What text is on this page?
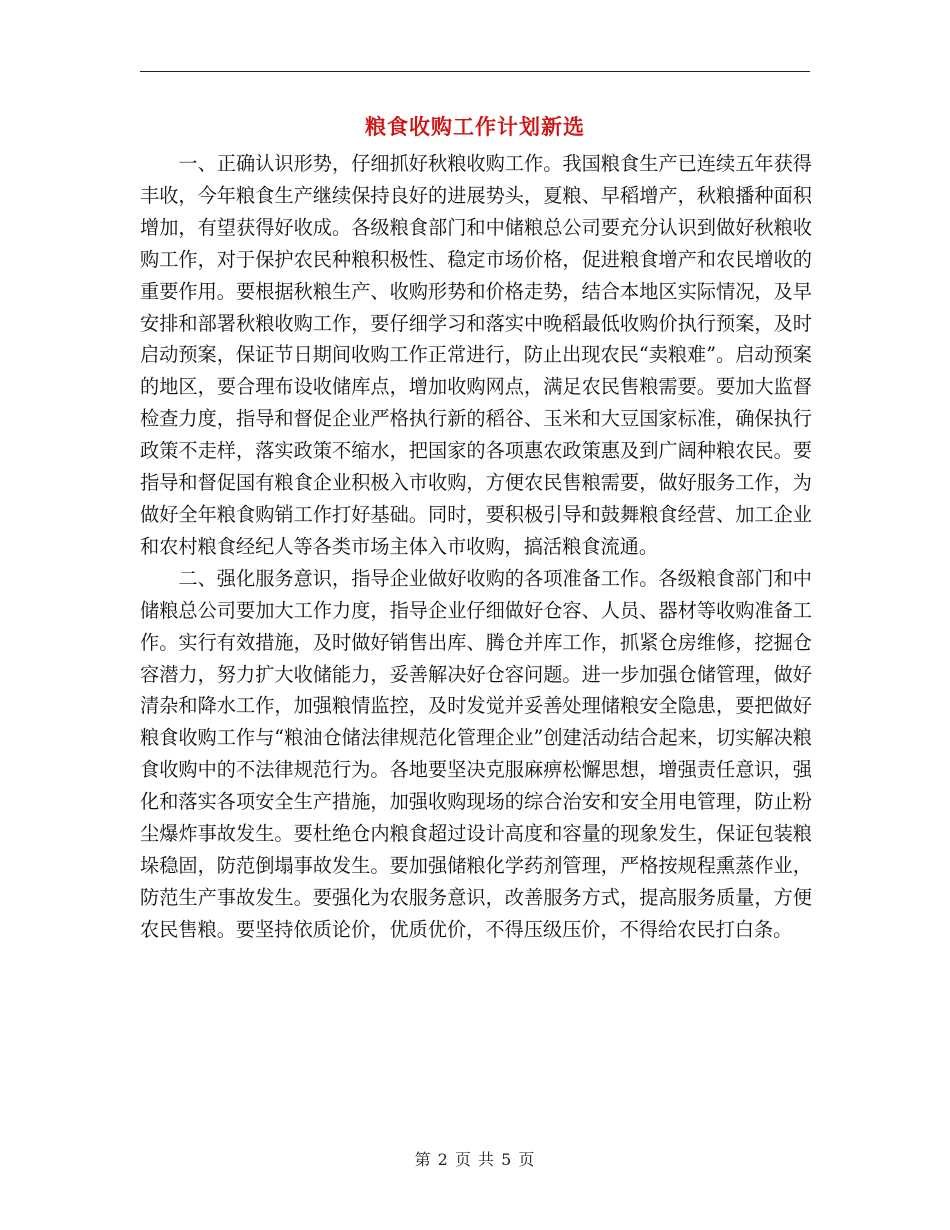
粮食收购工作计划新选

一、正确认识形势，仔细抓好秋粮收购工作。我国粮食生产已连续五年获得丰收，今年粮食生产继续保持良好的进展势头，夏粮、早稻增产，秋粮播种面积增加，有望获得好收成。各级粮食部门和中储粮总公司要充分认识到做好秋粮收购工作，对于保护农民种粮积极性、稳定市场价格，促进粮食增产和农民增收的重要作用。要根据秋粮生产、收购形势和价格走势，结合本地区实际情况，及早安排和部署秋粮收购工作，要仔细学习和落实中晚稻最低收购价执行预案，及时启动预案，保证节日期间收购工作正常进行，防止出现农民“卖粮难”。启动预案的地区，要合理布设收储库点，增加收购网点，满足农民售粮需要。要加大监督检查力度，指导和督促企业严格执行新的稻谷、玉米和大豆国家标准，确保执行政策不走样，落实政策不缩水，把国家的各项惠农政策惠及到广阔种粮农民。要指导和督促国有粮食企业积极入市收购，方便农民售粮需要，做好服务工作，为做好全年粮食购销工作打好基础。同时，要积极引导和鼓舞粮食经营、加工企业和农村粮食经纪人等各类市场主体入市收购，搞活粮食流通。

二、强化服务意识，指导企业做好收购的各项准备工作。各级粮食部门和中储粮总公司要加大工作力度，指导企业仔细做好仓容、人员、器材等收购准备工作。实行有效措施，及时做好销售出库、腾仓并库工作，抓紧仓房维修，挖掘仓容潜力，努力扩大收储能力，妥善解决好仓容问题。进一步加强仓储管理，做好清杂和降水工作，加强粮情监控，及时发觉并妥善处理储粮安全隐患，要把做好粮食收购工作与“粮油仓储法律规范化管理企业”创建活动结合起来，切实解决粮食收购中的不法律规范行为。各地要坚决克服麻痹松懈思想，增强责任意识，强化和落实各项安全生产措施，加强收购现场的综合治安和安全用电管理，防止粉尘爆炸事故发生。要杜绝仓内粮食超过设计高度和容量的现象发生，保证包装粮垛稳固，防范倒塌事故发生。要加强储粮化学药剂管理，严格按规程熏蒸作业，防范生产事故发生。要强化为农服务意识，改善服务方式，提高服务质量，方便农民售粮。要坚持依质论价，优质优价，不得压级压价，不得给农民打白条。

第 2 页 共 5 页
